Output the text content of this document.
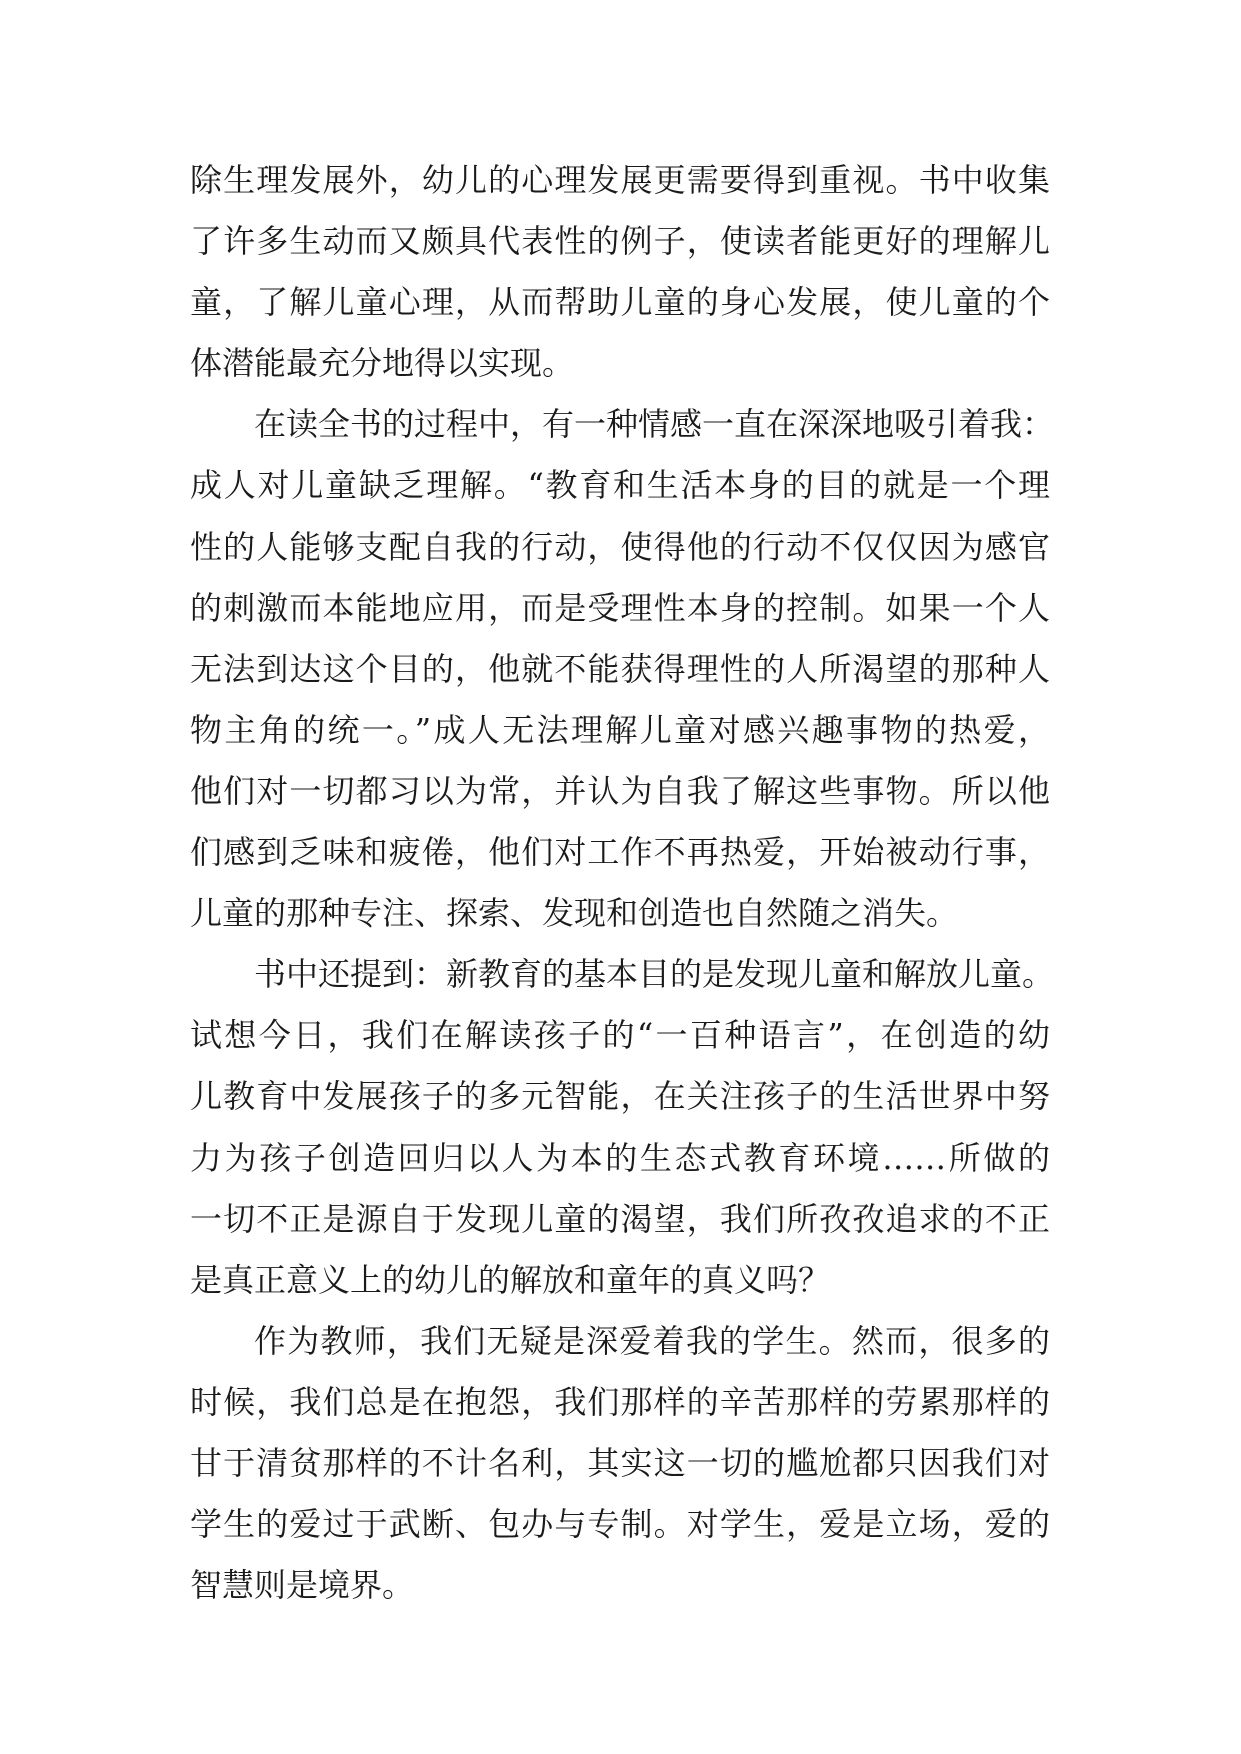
除生理发展外，幼儿的心理发展更需要得到重视。书中收集
了许多生动而又颇具代表性的例子，使读者能更好的理解儿
童，了解儿童心理，从而帮助儿童的身心发展，使儿童的个
体潜能最充分地得以实现。
在读全书的过程中，有一种情感一直在深深地吸引着我：
成人对儿童缺乏理解。“教育和生活本身的目的就是一个理
性的人能够支配自我的行动，使得他的行动不仅仅因为感官
的刺激而本能地应用，而是受理性本身的控制。如果一个人
无法到达这个目的，他就不能获得理性的人所渴望的那种人
物主角的统一。”成人无法理解儿童对感兴趣事物的热爱，
他们对一切都习以为常，并认为自我了解这些事物。所以他
们感到乏味和疲倦，他们对工作不再热爱，开始被动行事，
儿童的那种专注、探索、发现和创造也自然随之消失。
书中还提到：新教育的基本目的是发现儿童和解放儿童。
试想今日，我们在解读孩子的“一百种语言”，在创造的幼
儿教育中发展孩子的多元智能，在关注孩子的生活世界中努
力为孩子创造回归以人为本的生态式教育环境……所做的
一切不正是源自于发现儿童的渴望，我们所孜孜追求的不正
是真正意义上的幼儿的解放和童年的真义吗？
作为教师，我们无疑是深爱着我的学生。然而，很多的
时候，我们总是在抱怨，我们那样的辛苦那样的劳累那样的
甘于清贫那样的不计名利，其实这一切的尴尬都只因我们对
学生的爱过于武断、包办与专制。对学生，爱是立场，爱的
智慧则是境界。
